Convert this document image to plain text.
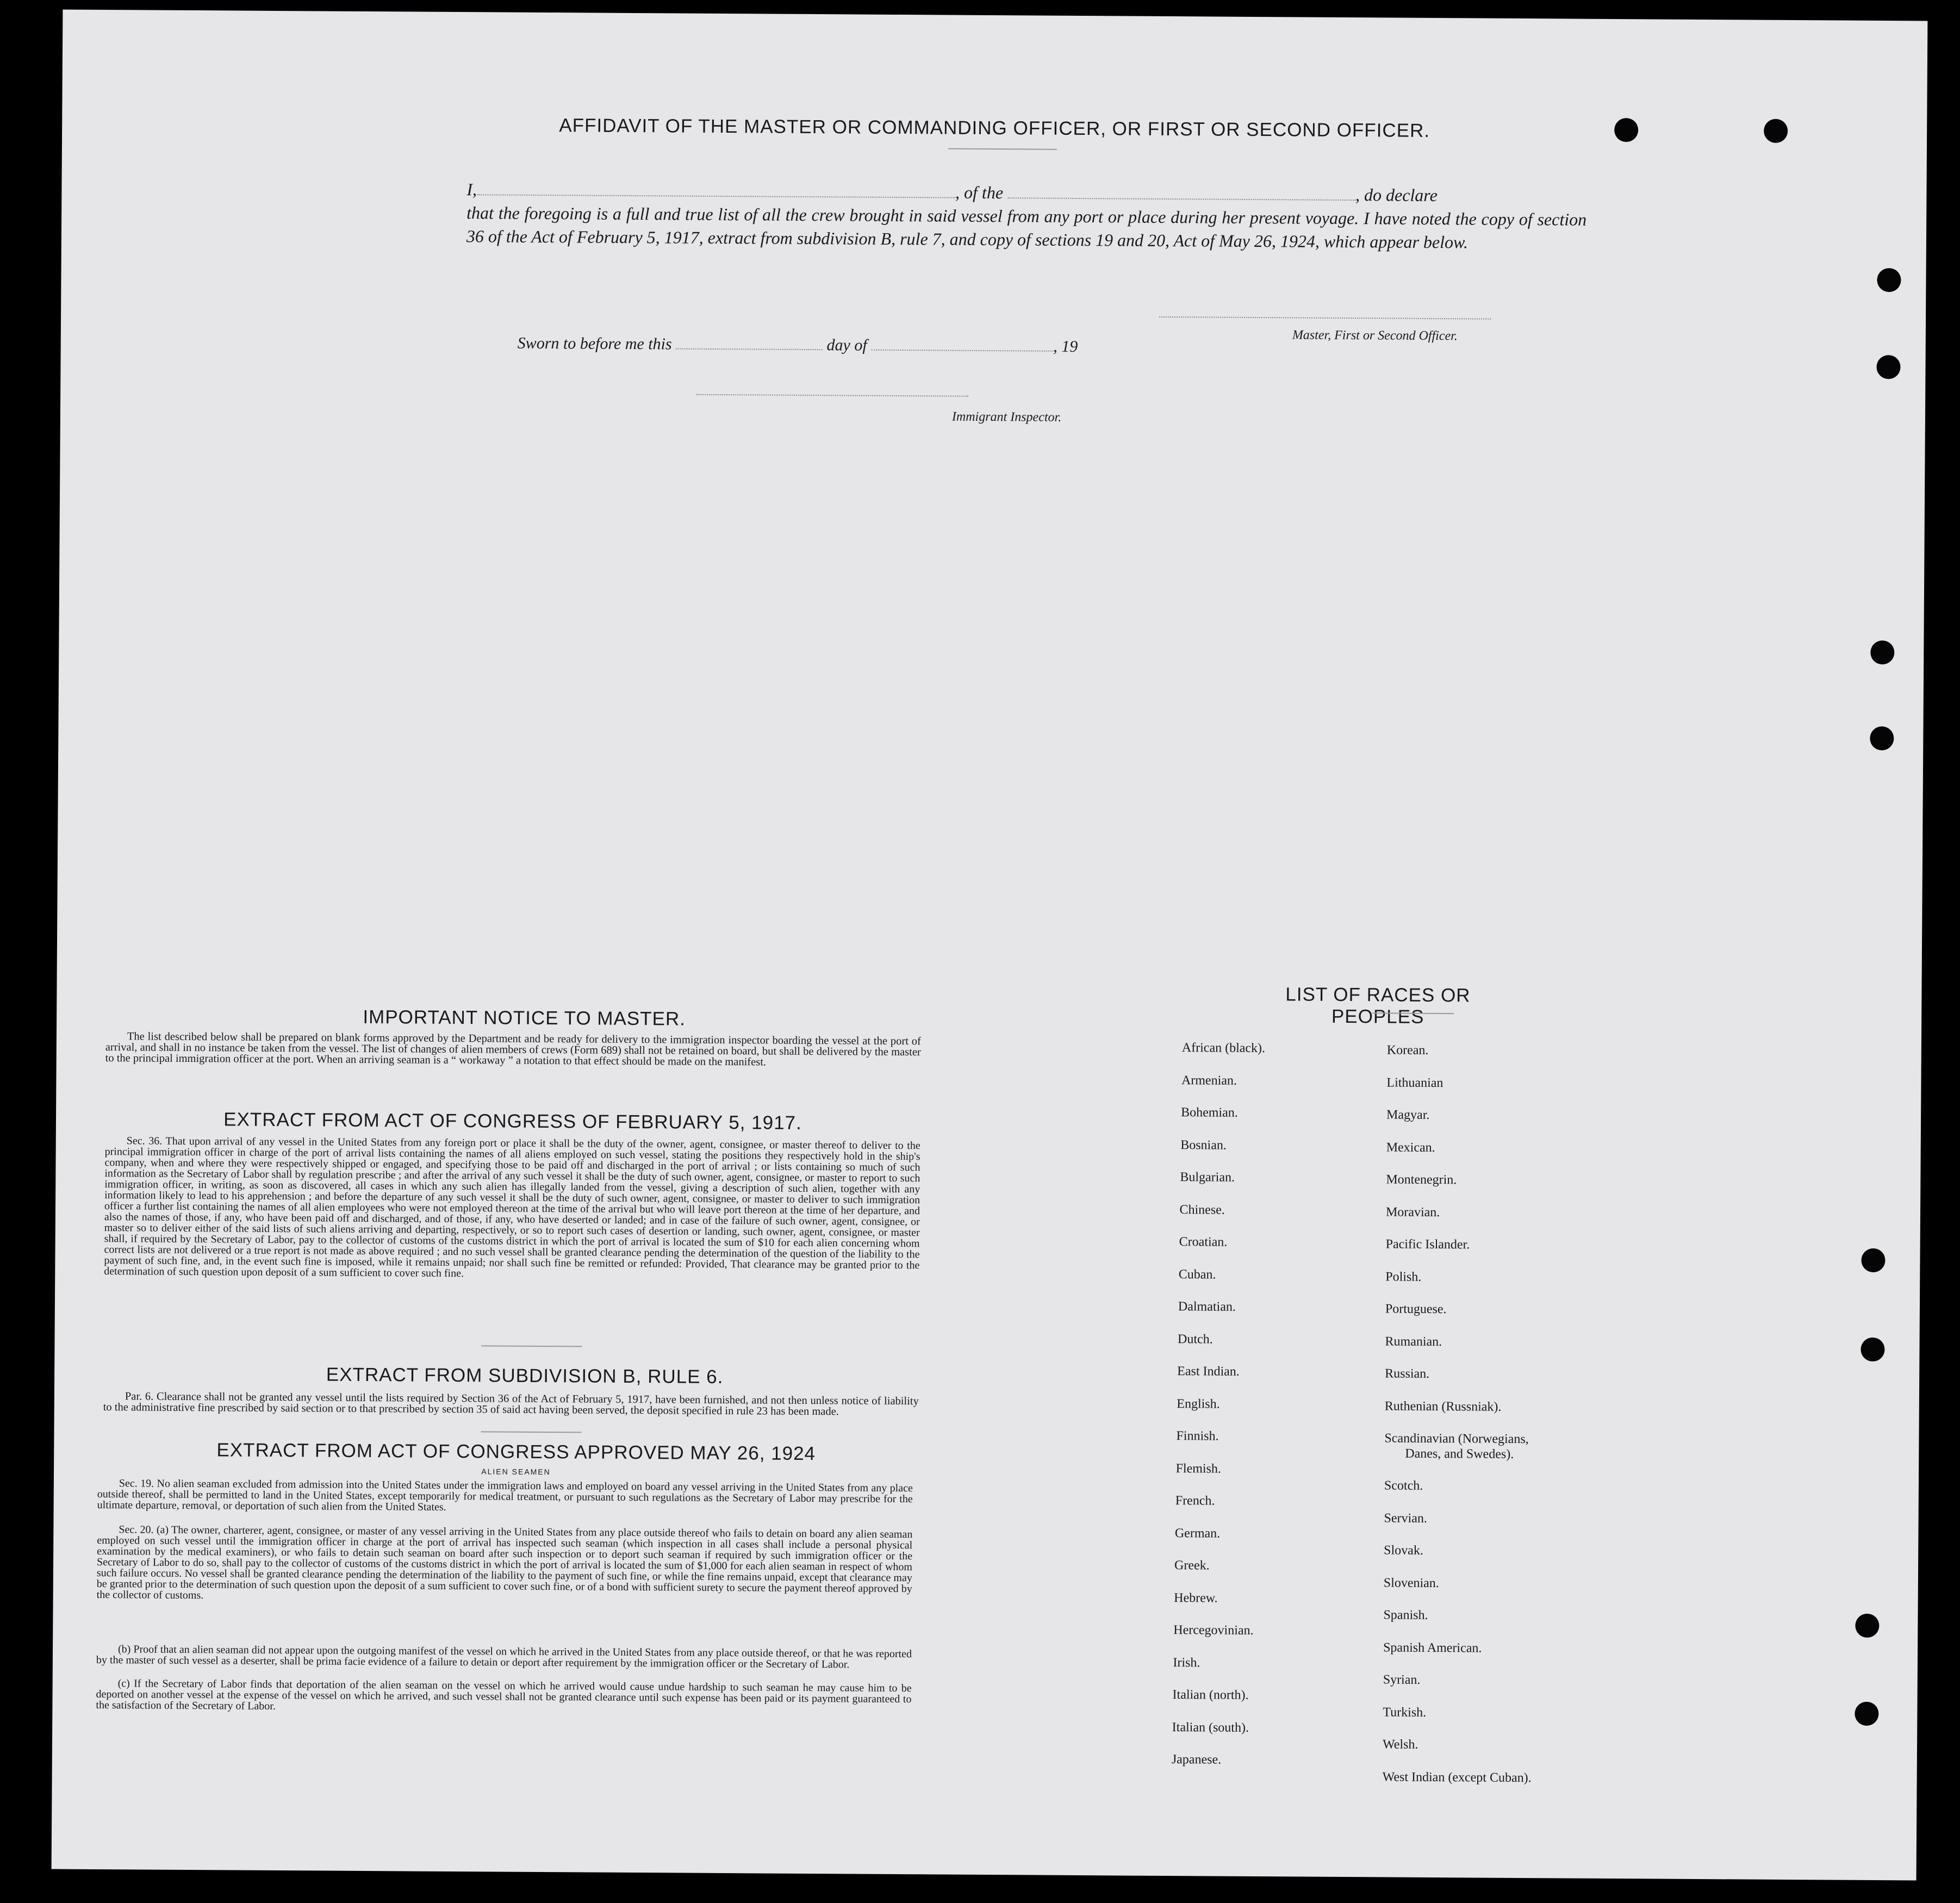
AFFIDAVIT OF THE MASTER OR COMMANDING OFFICER, OR FIRST OR SECOND OFFICER.
I,	, of the	, do declare
that the foregoing is a full and true list of all the crew brought in said vessel from any port or place during her present voyage. I have noted the copy of section 36 of the Act of February 5, 1917, extract from subdivision B, rule 7, and copy of sections 19 and 20, Act of May 26, 1924, which appear below.
Master, First or Second Officer.
Sworn to before me this	day of	, 19
Immigrant Inspector.
IMPORTANT NOTICE TO MASTER.
The list described below shall be prepared on blank forms approved by the Department and be ready for delivery to the immigration inspector boarding the vessel at the port of arrival, and shall in no instance be taken from the vessel. The list of changes of alien members of crews (Form 689) shall not be retained on board, but shall be delivered by the master to the principal immigration officer at the port. When an arriving seaman is a “ workaway ” a notation to that effect should be made on the manifest.
EXTRACT FROM ACT OF CONGRESS OF FEBRUARY 5, 1917.
Sec. 36. That upon arrival of any vessel in the United States from any foreign port or place it shall be the duty of the owner, agent, consignee, or master thereof to deliver to the principal immigration officer in charge of the port of arrival lists containing the names of all aliens employed on such vessel, stating the positions they respectively hold in the ship's company, when and where they were respectively shipped or engaged, and specifying those to be paid off and discharged in the port of arrival ; or lists containing so much of such information as the Secretary of Labor shall by regulation prescribe ; and after the arrival of any such vessel it shall be the duty of such owner, agent, consignee, or master to report to such immigration officer, in writing, as soon as discovered, all cases in which any such alien has illegally landed from the vessel, giving a description of such alien, together with any information likely to lead to his apprehension ; and before the departure of any such vessel it shall be the duty of such owner, agent, consignee, or master to deliver to such immigration officer a further list containing the names of all alien employees who were not employed thereon at the time of the arrival but who will leave port thereon at the time of her departure, and also the names of those, if any, who have been paid off and discharged, and of those, if any, who have deserted or landed; and in case of the failure of such owner, agent, consignee, or master so to deliver either of the said lists of such aliens arriving and departing, respectively, or so to report such cases of desertion or landing, such owner, agent, consignee, or master shall, if required by the Secretary of Labor, pay to the collector of customs of the customs district in which the port of arrival is located the sum of $10 for each alien concerning whom correct lists are not delivered or a true report is not made as above required ; and no such vessel shall be granted clearance pending the determination of the question of the liability to the payment of such fine, and, in the event such fine is imposed, while it remains unpaid; nor shall such fine be remitted or refunded: Provided, That clearance may be granted prior to the determination of such question upon deposit of a sum sufficient to cover such fine.
EXTRACT FROM SUBDIVISION B, RULE 6.
Par. 6. Clearance shall not be granted any vessel until the lists required by Section 36 of the Act of February 5, 1917, have been furnished, and not then unless notice of liability to the administrative fine prescribed by said section or to that prescribed by section 35 of said act having been served, the deposit specified in rule 23 has been made.
EXTRACT FROM ACT OF CONGRESS APPROVED MAY 26, 1924
ALIEN SEAMEN
Sec. 19. No alien seaman excluded from admission into the United States under the immigration laws and employed on board any vessel arriving in the United States from any place outside thereof, shall be permitted to land in the United States, except temporarily for medical treatment, or pursuant to such regulations as the Secretary of Labor may prescribe for the ultimate departure, removal, or deportation of such alien from the United States.
Sec. 20. (a) The owner, charterer, agent, consignee, or master of any vessel arriving in the United States from any place outside thereof who fails to detain on board any alien seaman employed on such vessel until the immigration officer in charge at the port of arrival has inspected such seaman (which inspection in all cases shall include a personal physical examination by the medical examiners), or who fails to detain such seaman on board after such inspection or to deport such seaman if required by such immigration officer or the Secretary of Labor to do so, shall pay to the collector of customs of the customs district in which the port of arrival is located the sum of $1,000 for each alien seaman in respect of whom such failure occurs. No vessel shall be granted clearance pending the determination of the liability to the payment of such fine, or while the fine remains unpaid, except that clearance may be granted prior to the determination of such question upon the deposit of a sum sufficient to cover such fine, or of a bond with sufficient surety to secure the payment thereof approved by the collector of customs.
(b) Proof that an alien seaman did not appear upon the outgoing manifest of the vessel on which he arrived in the United States from any place outside thereof, or that he was reported by the master of such vessel as a deserter, shall be prima facie evidence of a failure to detain or deport after requirement by the immigration officer or the Secretary of Labor.
(c) If the Secretary of Labor finds that deportation of the alien seaman on the vessel on which he arrived would cause undue hardship to such seaman he may cause him to be deported on another vessel at the expense of the vessel on which he arrived, and such vessel shall not be granted clearance until such expense has been paid or its payment guaranteed to the satisfaction of the Secretary of Labor.
LIST OF RACES OR PEOPLES
African (black).
Armenian.
Bohemian.
Bosnian.
Bulgarian.
Chinese.
Croatian.
Cuban.
Dalmatian.
Dutch.
East Indian.
English.
Finnish.
Flemish.
French.
German.
Greek.
Hebrew.
Hercegovinian.
Irish.
Italian (north).
Italian (south).
Japanese.
Korean.
Lithuanian
Magyar.
Mexican.
Montenegrin.
Moravian.
Pacific Islander.
Polish.
Portuguese.
Rumanian.
Russian.
Ruthenian (Russniak).
Scandinavian (Norwegians,
Danes, and Swedes).
Scotch.
Servian.
Slovak.
Slovenian.
Spanish.
Spanish American.
Syrian.
Turkish.
Welsh.
West Indian (except Cuban).
